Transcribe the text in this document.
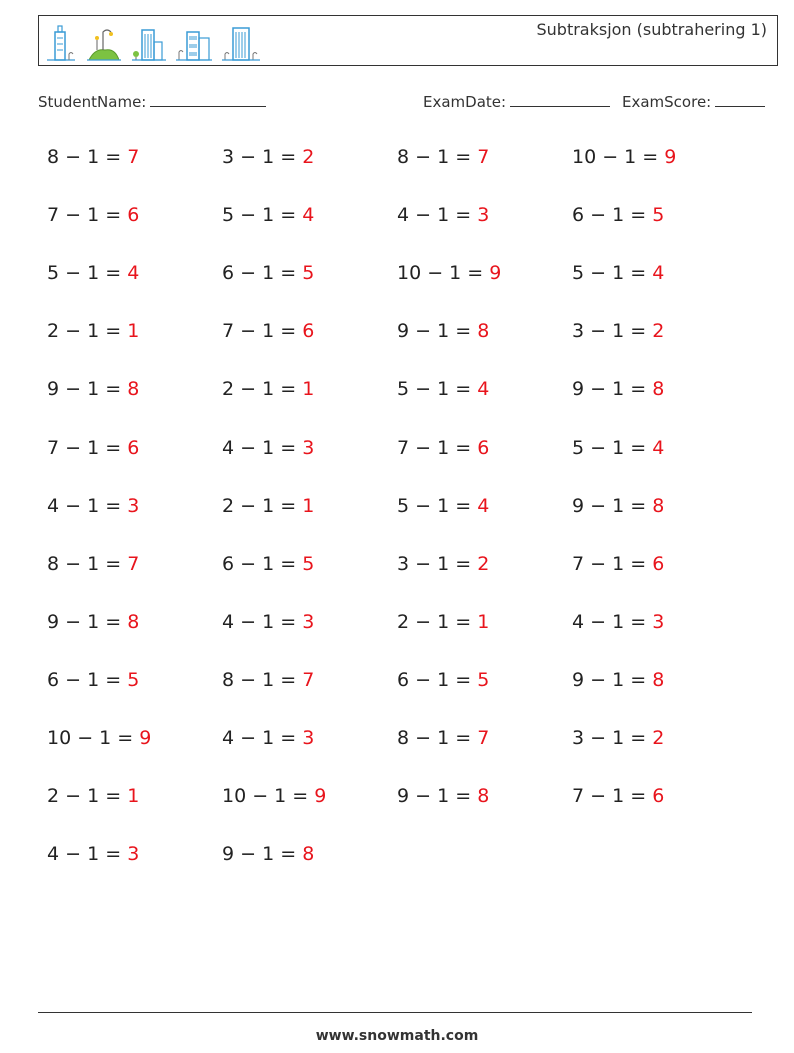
Subtraksjon (subtrahering 1)
StudentName:	ExamDate:	ExamScore:
8 − 1 = 7	3 − 1 = 2	8 − 1 = 7	10 − 1 = 9
7 − 1 = 6	5 − 1 = 4	4 − 1 = 3	6 − 1 = 5
5 − 1 = 4	6 − 1 = 5	10 − 1 = 9	5 − 1 = 4
2 − 1 = 1	7 − 1 = 6	9 − 1 = 8	3 − 1 = 2
9 − 1 = 8	2 − 1 = 1	5 − 1 = 4	9 − 1 = 8
7 − 1 = 6	4 − 1 = 3	7 − 1 = 6	5 − 1 = 4
4 − 1 = 3	2 − 1 = 1	5 − 1 = 4	9 − 1 = 8
8 − 1 = 7	6 − 1 = 5	3 − 1 = 2	7 − 1 = 6
9 − 1 = 8	4 − 1 = 3	2 − 1 = 1	4 − 1 = 3
6 − 1 = 5	8 − 1 = 7	6 − 1 = 5	9 − 1 = 8
10 − 1 = 9	4 − 1 = 3	8 − 1 = 7	3 − 1 = 2
2 − 1 = 1	10 − 1 = 9	9 − 1 = 8	7 − 1 = 6
4 − 1 = 3	9 − 1 = 8
www.snowmath.com
